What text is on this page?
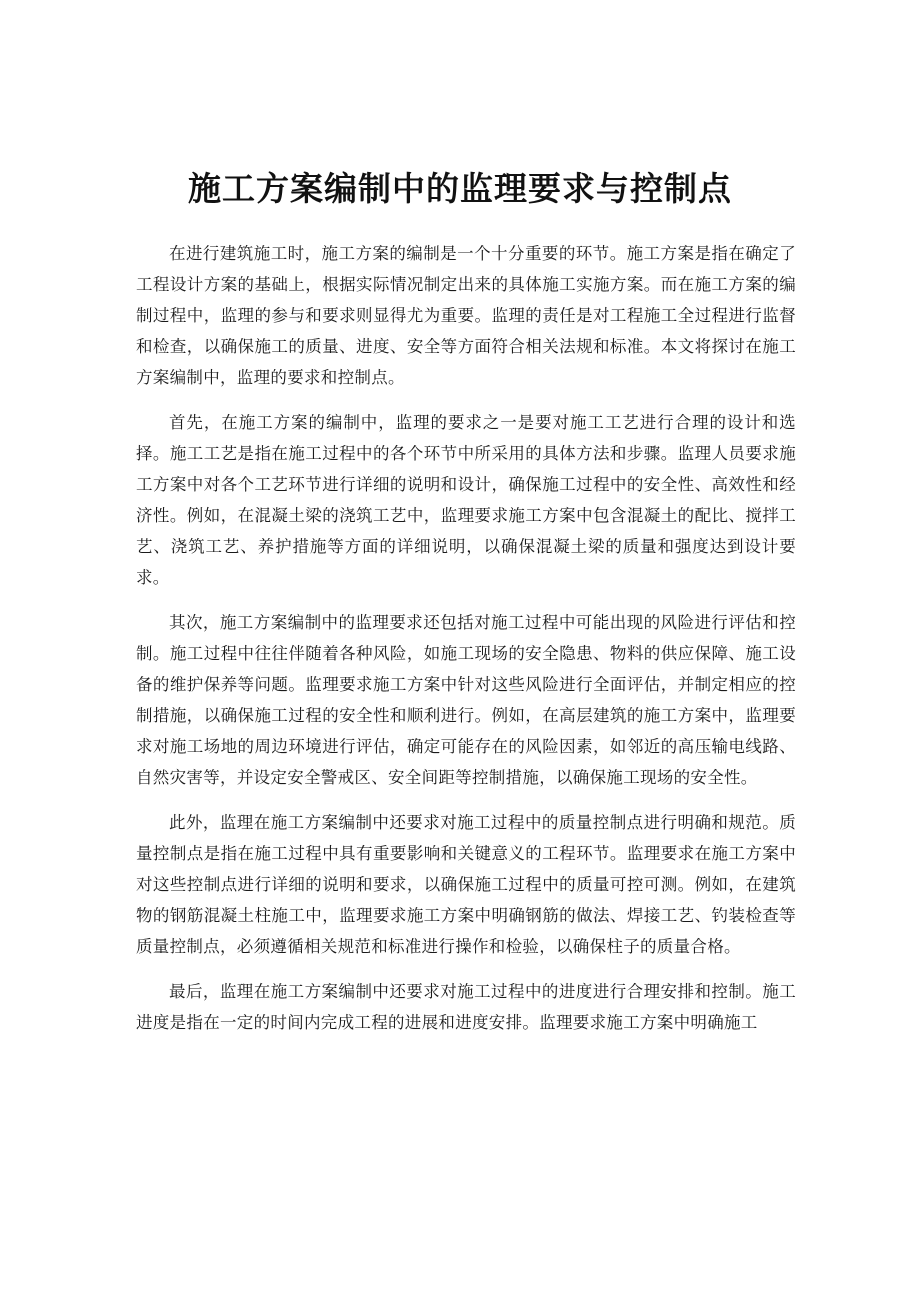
施工方案编制中的监理要求与控制点

在进行建筑施工时，施工方案的编制是一个十分重要的环节。施工方案是指在确定了工程设计方案的基础上，根据实际情况制定出来的具体施工实施方案。而在施工方案的编制过程中，监理的参与和要求则显得尤为重要。监理的责任是对工程施工全过程进行监督和检查，以确保施工的质量、进度、安全等方面符合相关法规和标准。本文将探讨在施工方案编制中，监理的要求和控制点。

首先，在施工方案的编制中，监理的要求之一是要对施工工艺进行合理的设计和选择。施工工艺是指在施工过程中的各个环节中所采用的具体方法和步骤。监理人员要求施工方案中对各个工艺环节进行详细的说明和设计，确保施工过程中的安全性、高效性和经济性。例如，在混凝土梁的浇筑工艺中，监理要求施工方案中包含混凝土的配比、搅拌工艺、浇筑工艺、养护措施等方面的详细说明，以确保混凝土梁的质量和强度达到设计要求。

其次，施工方案编制中的监理要求还包括对施工过程中可能出现的风险进行评估和控制。施工过程中往往伴随着各种风险，如施工现场的安全隐患、物料的供应保障、施工设备的维护保养等问题。监理要求施工方案中针对这些风险进行全面评估，并制定相应的控制措施，以确保施工过程的安全性和顺利进行。例如，在高层建筑的施工方案中，监理要求对施工场地的周边环境进行评估，确定可能存在的风险因素，如邻近的高压输电线路、自然灾害等，并设定安全警戒区、安全间距等控制措施，以确保施工现场的安全性。

此外，监理在施工方案编制中还要求对施工过程中的质量控制点进行明确和规范。质量控制点是指在施工过程中具有重要影响和关键意义的工程环节。监理要求在施工方案中对这些控制点进行详细的说明和要求，以确保施工过程中的质量可控可测。例如，在建筑物的钢筋混凝土柱施工中，监理要求施工方案中明确钢筋的做法、焊接工艺、钓装检查等质量控制点，必须遵循相关规范和标准进行操作和检验，以确保柱子的质量合格。

最后，监理在施工方案编制中还要求对施工过程中的进度进行合理安排和控制。施工进度是指在一定的时间内完成工程的进展和进度安排。监理要求施工方案中明确施工
